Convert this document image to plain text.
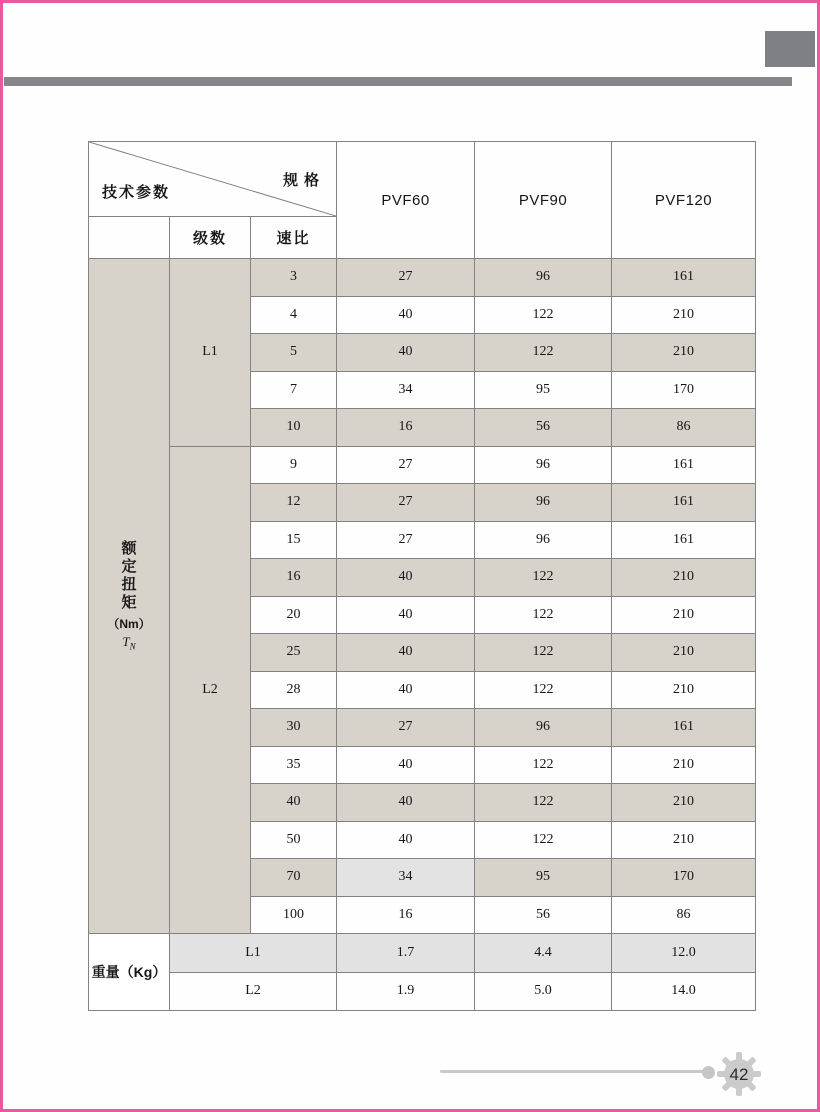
技术参数
规格			PVF60	PVF90	PVF120
	级数	速比			

额
定
扭
矩
（Nm）
$T_N$
	L1	3	27	96	161
		4	40	122	210
		5	40	122	210
		7	34	95	170
		10	16	56	86
	L2	9	27	96	161
		12	27	96	161
		15	27	96	161
		16	40	122	210
		20	40	122	210
		25	40	122	210
		28	40	122	210
		30	27	96	161
		35	40	122	210
		40	40	122	210
		50	40	122	210
		70	34	95	170
		100	16	56	86
重量（Kg）	L1		1.7	4.4	12.0
	L2		1.9	5.0	14.0
42
